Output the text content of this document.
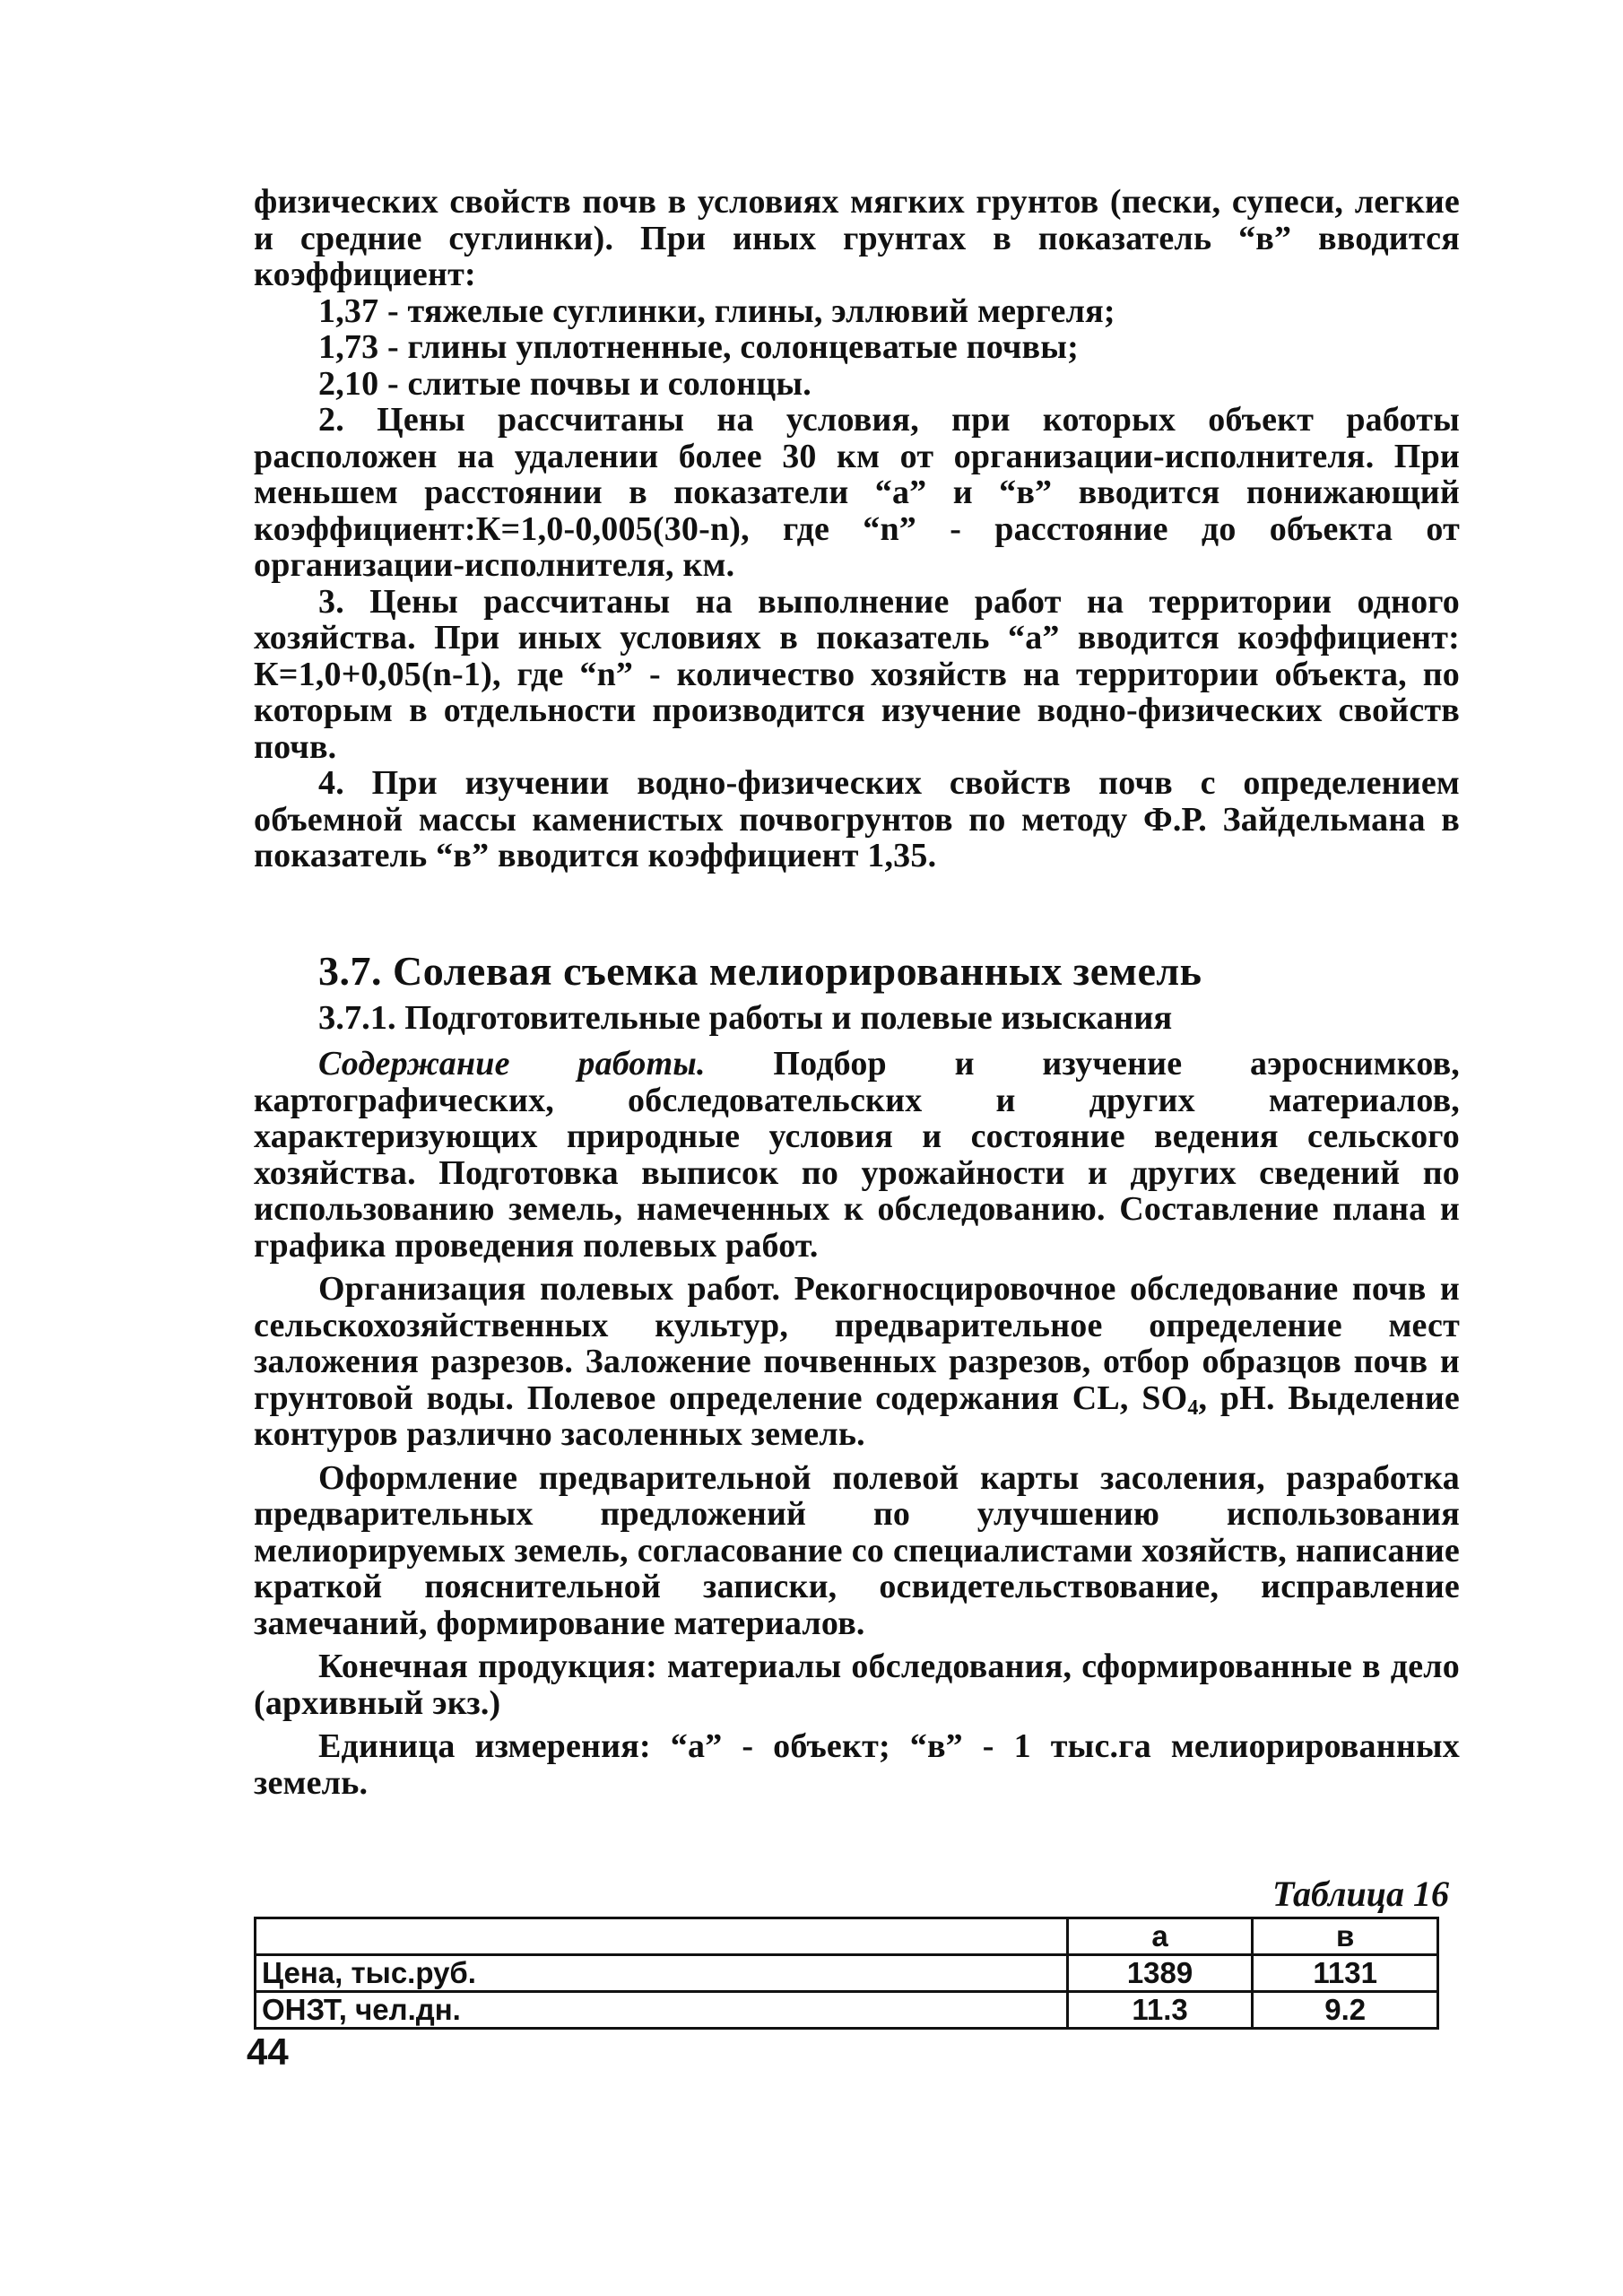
физических свойств почв в условиях мягких грунтов (пески, супеси, легкие и средние суглинки). При иных грунтах в показатель “в” вводится коэффициент:

1,37 - тяжелые суглинки, глины, эллювий мергеля;

1,73 - глины уплотненные, солонцеватые почвы;

2,10 - слитые почвы и солонцы.

2. Цены рассчитаны на условия, при которых объект работы расположен на удалении более 30 км от организации-исполнителя. При меньшем расстоянии в показатели “а” и “в” вводится понижающий коэффициент:К=1,0-0,005(30-n), где “n” - расстояние до объекта от организации-исполнителя, км.

3. Цены рассчитаны на выполнение работ на территории одного хозяйства. При иных условиях в показатель “а” вводится коэффициент: К=1,0+0,05(n-1), где “n” - количество хозяйств на территории объекта, по которым в отдельности производится изучение водно-физических свойств почв.

4. При изучении водно-физических свойств почв с определением объемной массы каменистых почвогрунтов по методу Ф.Р. Зайдельмана в показатель “в” вводится коэффициент 1,35.

3.7. Солевая съемка мелиорированных земель
3.7.1. Подготовительные работы и полевые изыскания

Содержание работы. Подбор и изучение аэроснимков, картографических, обследовательских и других материалов, характеризующих природные условия и состояние ведения сельского хозяйства. Подготовка выписок по урожайности и других сведений по использованию земель, намеченных к обследованию. Составление плана и графика проведения полевых работ.

Организация полевых работ. Рекогносцировочное обследование почв и сельскохозяйственных культур, предварительное определение мест заложения разрезов. Заложение почвенных разрезов, отбор образцов почв и грунтовой воды. Полевое определение содержания CL, $SO_4$, pH. Выделение контуров различно засоленных земель.

Оформление предварительной полевой карты засоления, разработка предварительных предложений по улучшению использования мелиорируемых земель, согласование со специалистами хозяйств, написание краткой пояснительной записки, освидетельствование, исправление замечаний, формирование материалов.

Конечная продукция: материалы обследования, сформированные в дело (архивный экз.)

Единица измерения: “а” - объект; “в” - 1 тыс.га мелиорированных земель.

Таблица 16
	а	в
Цена, тыс.руб.	1389	1131
ОНЗТ, чел.дн.	11.3	9.2
44
